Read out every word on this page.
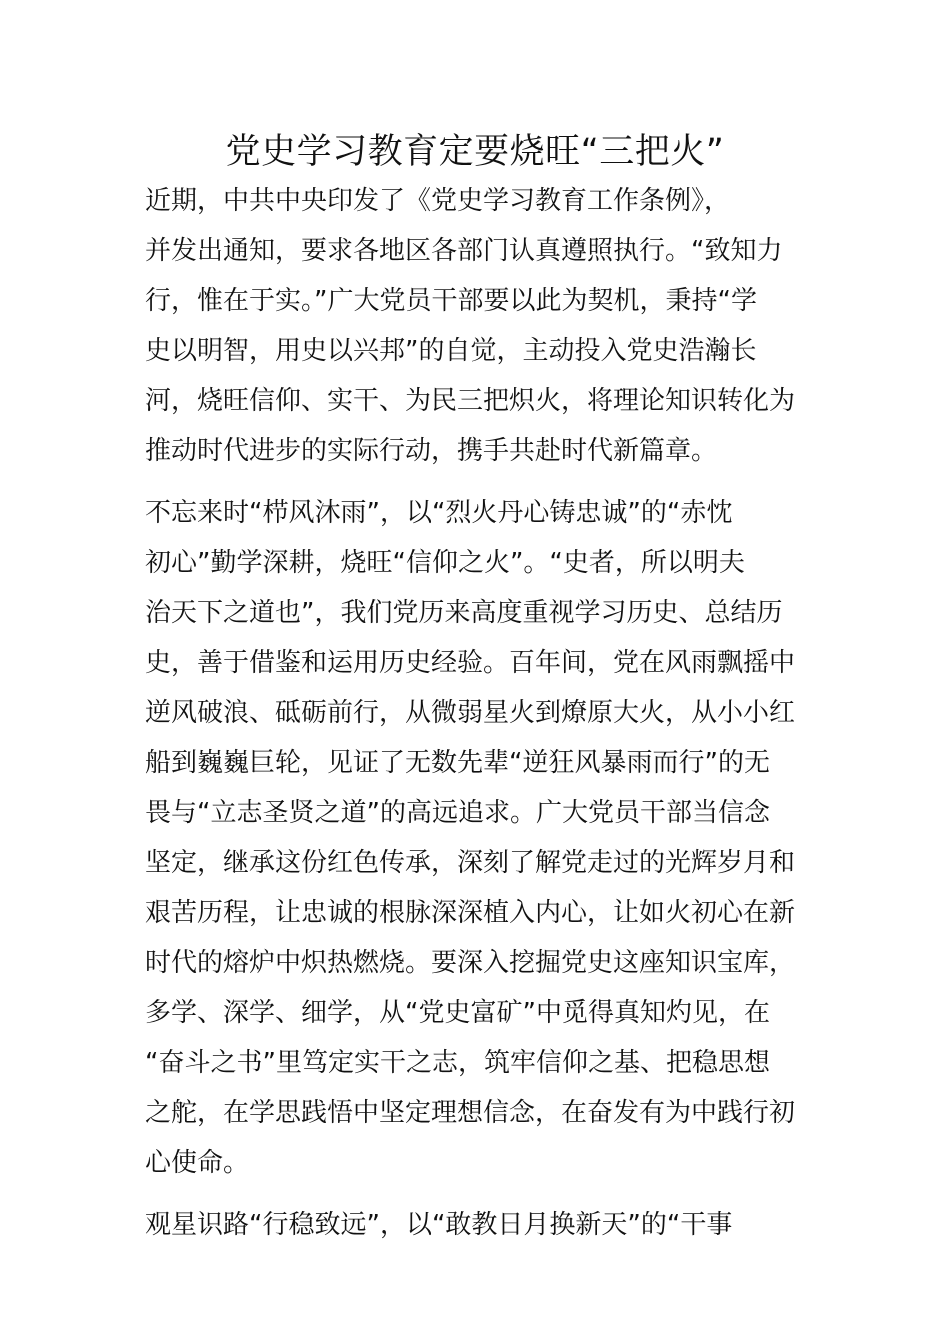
党史学习教育定要烧旺“三把火”
近期，中共中央印发了《党史学习教育工作条例》，
并发出通知，要求各地区各部门认真遵照执行。“致知力
行，惟在于实。”广大党员干部要以此为契机，秉持“学
史以明智，用史以兴邦”的自觉，主动投入党史浩瀚长
河，烧旺信仰、实干、为民三把炽火，将理论知识转化为
推动时代进步的实际行动，携手共赴时代新篇章。
不忘来时“栉风沐雨”，以“烈火丹心铸忠诚”的“赤忱
初心”勤学深耕，烧旺“信仰之火”。“史者，所以明夫
治天下之道也”，我们党历来高度重视学习历史、总结历
史，善于借鉴和运用历史经验。百年间，党在风雨飘摇中
逆风破浪、砥砺前行，从微弱星火到燎原大火，从小小红
船到巍巍巨轮，见证了无数先辈“逆狂风暴雨而行”的无
畏与“立志圣贤之道”的高远追求。广大党员干部当信念
坚定，继承这份红色传承，深刻了解党走过的光辉岁月和
艰苦历程，让忠诚的根脉深深植入内心，让如火初心在新
时代的熔炉中炽热燃烧。要深入挖掘党史这座知识宝库，
多学、深学、细学，从“党史富矿”中觅得真知灼见，在
“奋斗之书”里笃定实干之志，筑牢信仰之基、把稳思想
之舵，在学思践悟中坚定理想信念，在奋发有为中践行初
心使命。
观星识路“行稳致远”，以“敢教日月换新天”的“干事
